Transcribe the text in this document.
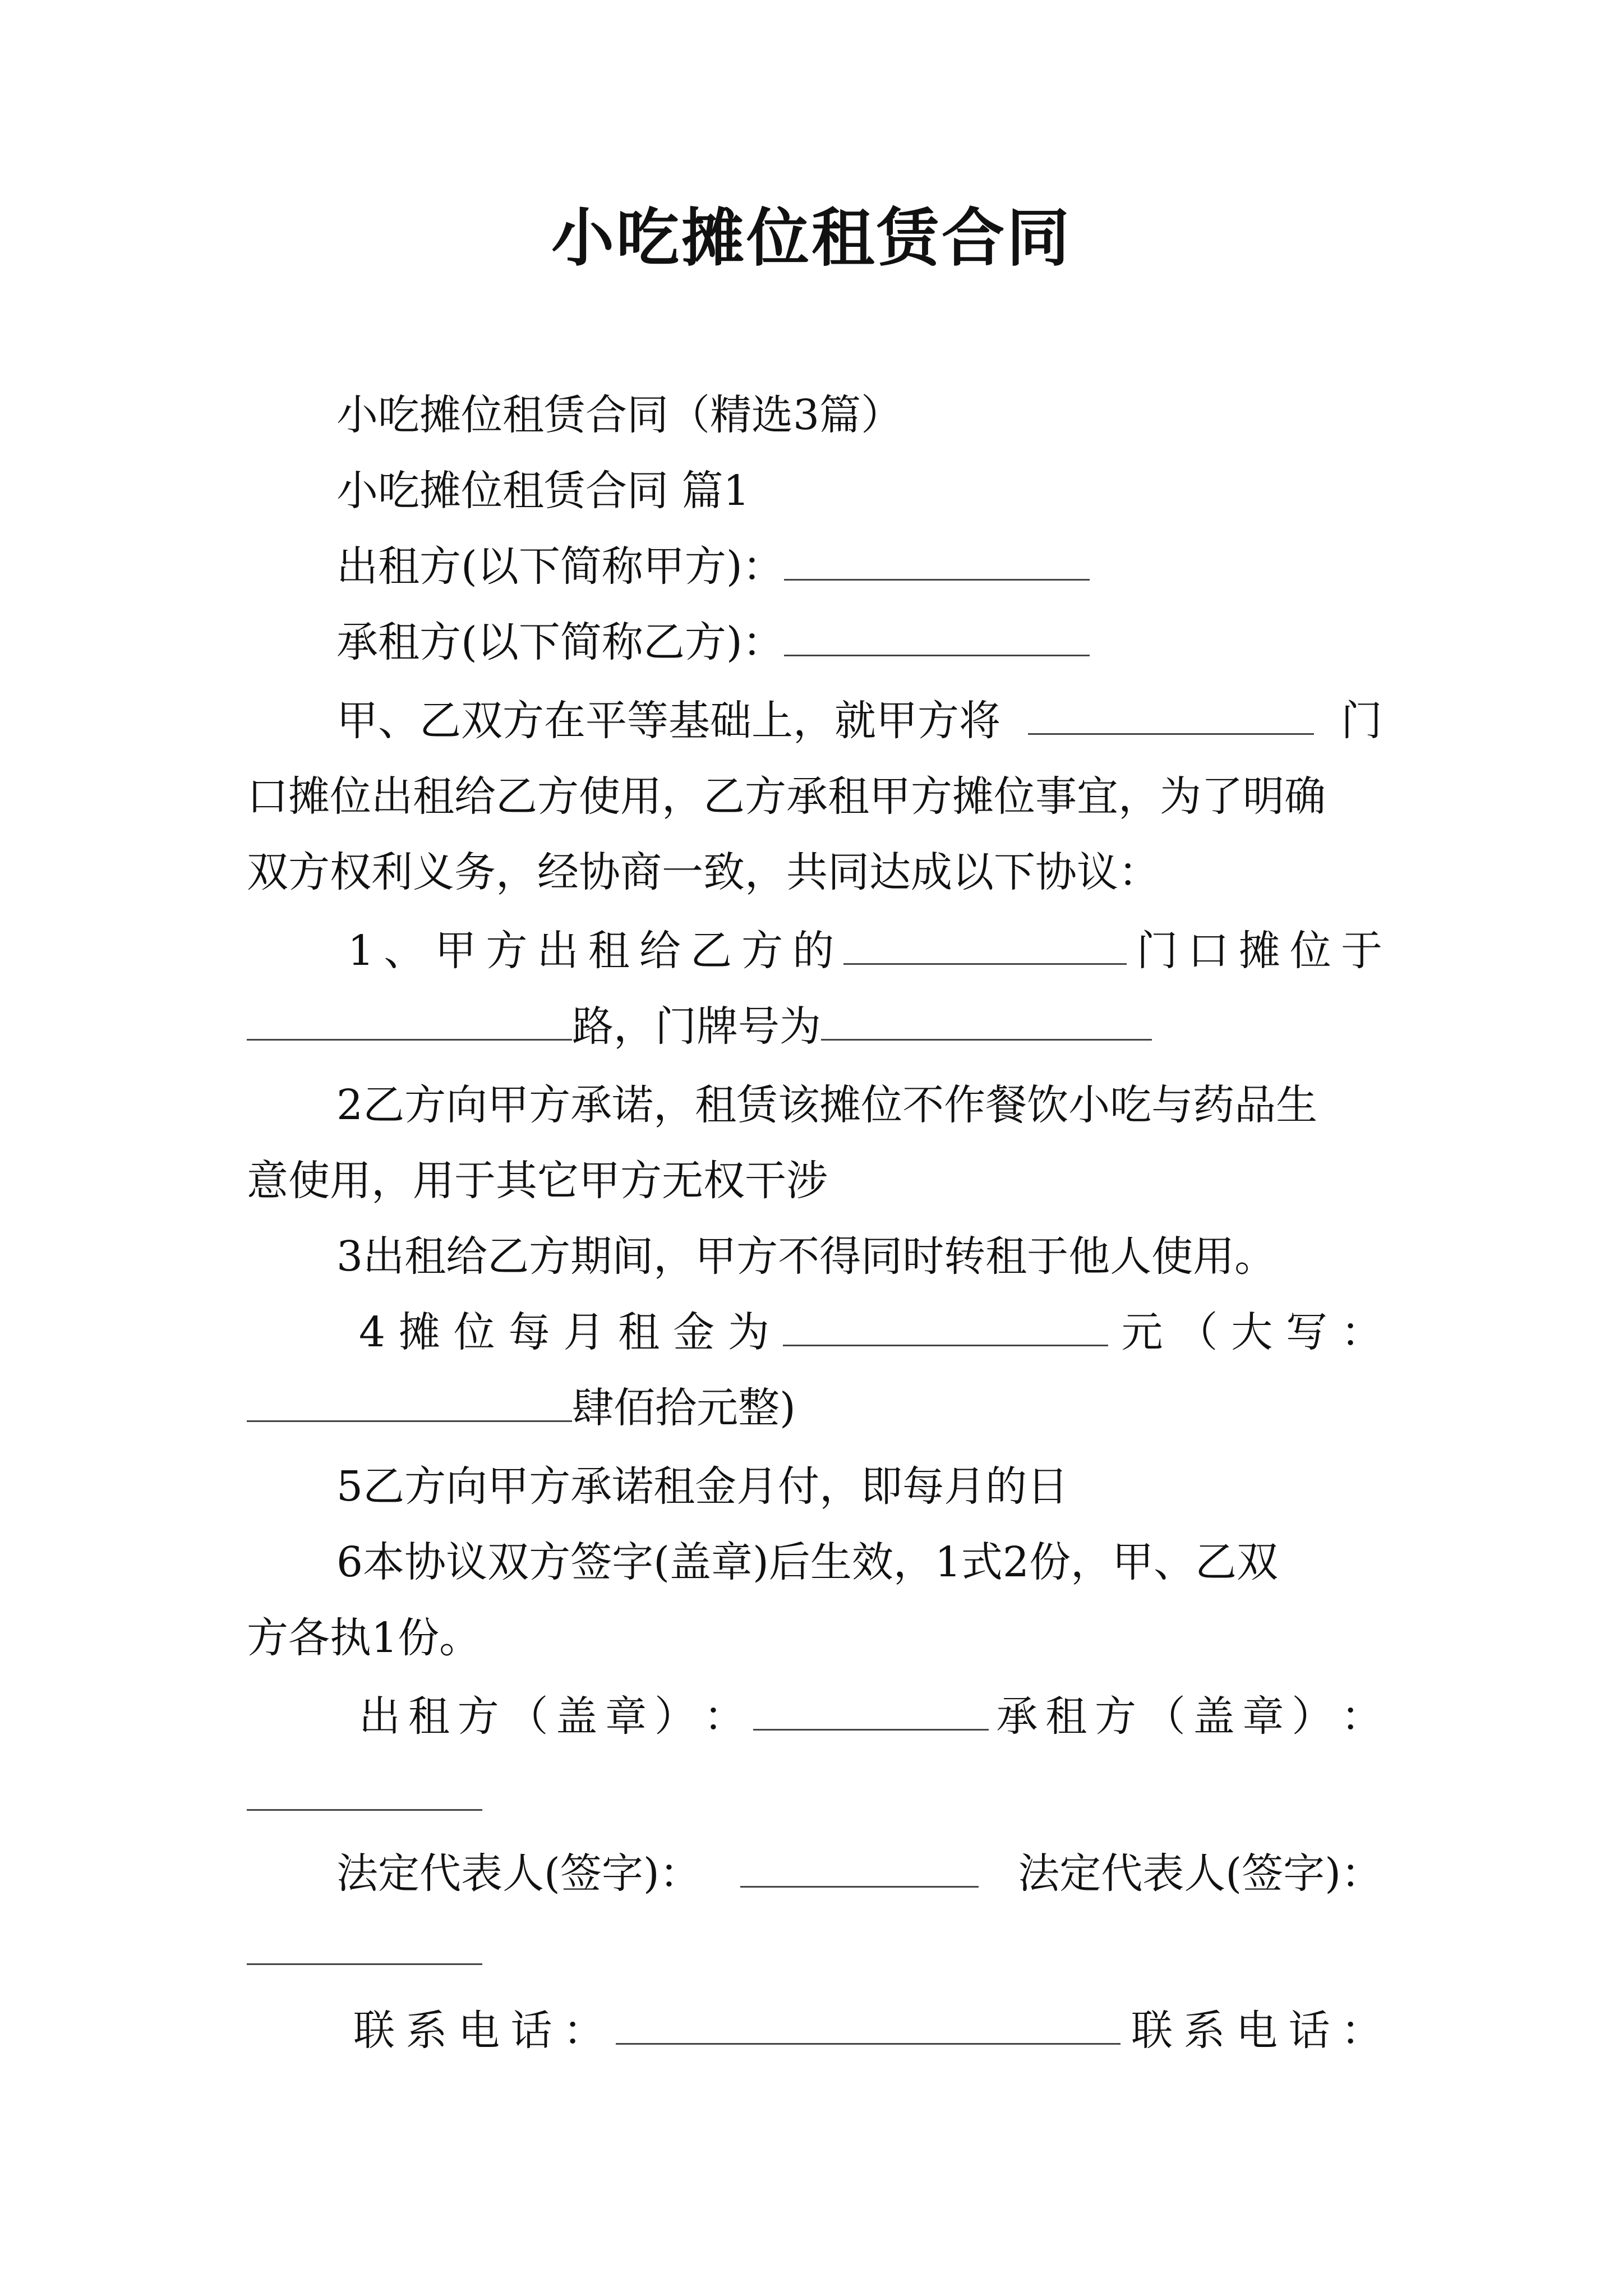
小吃摊位租赁合同

小吃摊位租赁合同（精选3篇）

小吃摊位租赁合同 篇1

出租方(以下简称甲方)：

承租方(以下简称乙方)：

甲、乙双方在平等基础上，就甲方将	门

口摊位出租给乙方使用，乙方承租甲方摊位事宜，为了明确

双方权利义务，经协商一致，共同达成以下协议：

1 、 甲 方 出 租 给 乙 方 的	门 口 摊 位 于

路，门牌号为

2乙方向甲方承诺，租赁该摊位不作餐饮小吃与药品生

意使用，用于其它甲方无权干涉

3出租给乙方期间，甲方不得同时转租于他人使用。

4 摊 位 每 月 租 金 为	元 （ 大 写 ：

肆佰拾元整)

5乙方向甲方承诺租金月付，即每月的日

6本协议双方签字(盖章)后生效，1式2份，甲、乙双

方各执1份。

出 租 方 （ 盖 章 ） ：	承 租 方 （ 盖 章 ） ：
法定代表人(签字)：	法定代表人(签字)：
联 系 电 话 ：	联 系 电 话 ：
